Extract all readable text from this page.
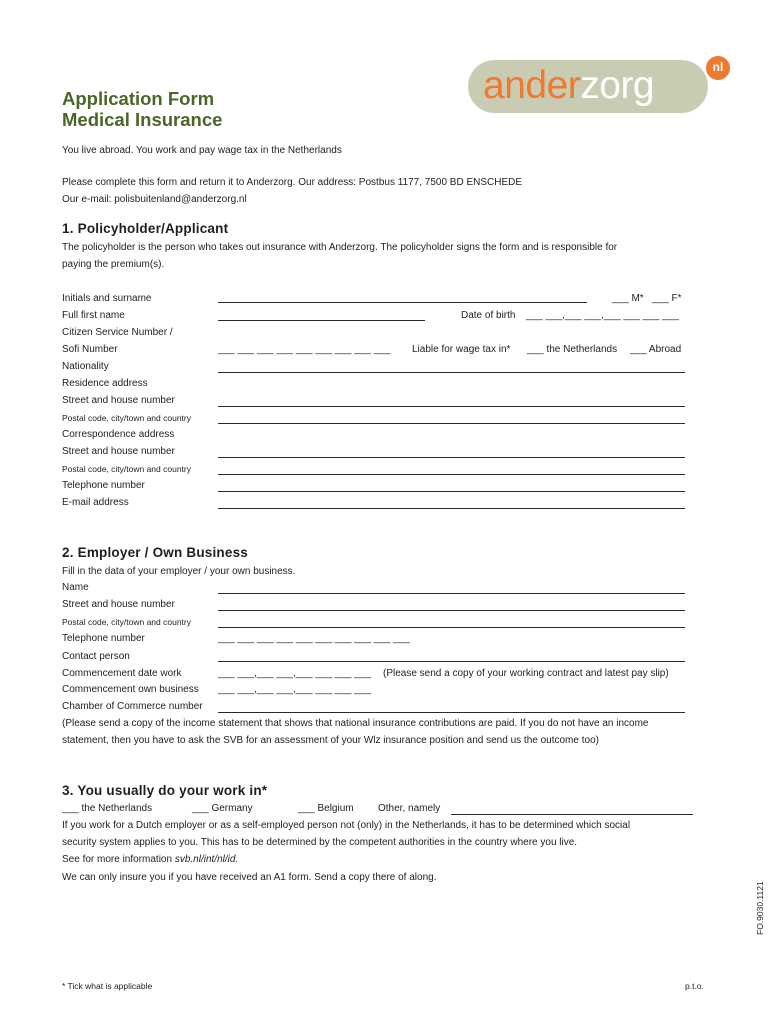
anderzorg	nl
Application Form
Medical Insurance
You live abroad. You work and pay wage tax in the Netherlands
Please complete this form and return it to Anderzorg. Our address: Postbus 1177, 7500 BD ENSCHEDE
Our e-mail: polisbuitenland@anderzorg.nl
1. Policyholder/Applicant
The policyholder is the person who takes out insurance with Anderzorg. The policyholder signs the form and is responsible for
paying the premium(s).
Initials and surname	___ M* ___ F*
Full first name	Date of birth ___ ___,___ ___,___ ___ ___ ___
Citizen Service Number /
Sofi Number	___ ___ ___ ___ ___ ___ ___ ___ ___ Liable for wage tax in* ___ the Netherlands ___ Abroad
Nationality
Residence address
Street and house number
Postal code, city/town and country
Correspondence address
Street and house number
Postal code, city/town and country
Telephone number
E-mail address
2. Employer / Own Business
Fill in the data of your employer / your own business.
Name
Street and house number
Postal code, city/town and country
Telephone number	___ ___ ___ ___ ___ ___ ___ ___ ___ ___
Contact person
Commencement date work	___ ___,___ ___,___ ___ ___ ___ (Please send a copy of your working contract and latest pay slip)
Commencement own business ___ ___,___ ___,___ ___ ___ ___
Chamber of Commerce number
(Please send a copy of the income statement that shows that national insurance contributions are paid. If you do not have an income
statement, then you have to ask the SVB for an assessment of your Wlz insurance position and send us the outcome too)
3. You usually do your work in*
___ the Netherlands	___ Germany	___ Belgium Other, namely
If you work for a Dutch employer or as a self-employed person not (only) in the Netherlands, it has to be determined which social
security system applies to you. This has to be determined by the competent authorities in the country where you live.
See for more information svb.nl/int/nl/id.
We can only insure you if you have received an A1 form. Send a copy there of along.
* Tick what is applicable	p.t.o.
FO.9030.1121
